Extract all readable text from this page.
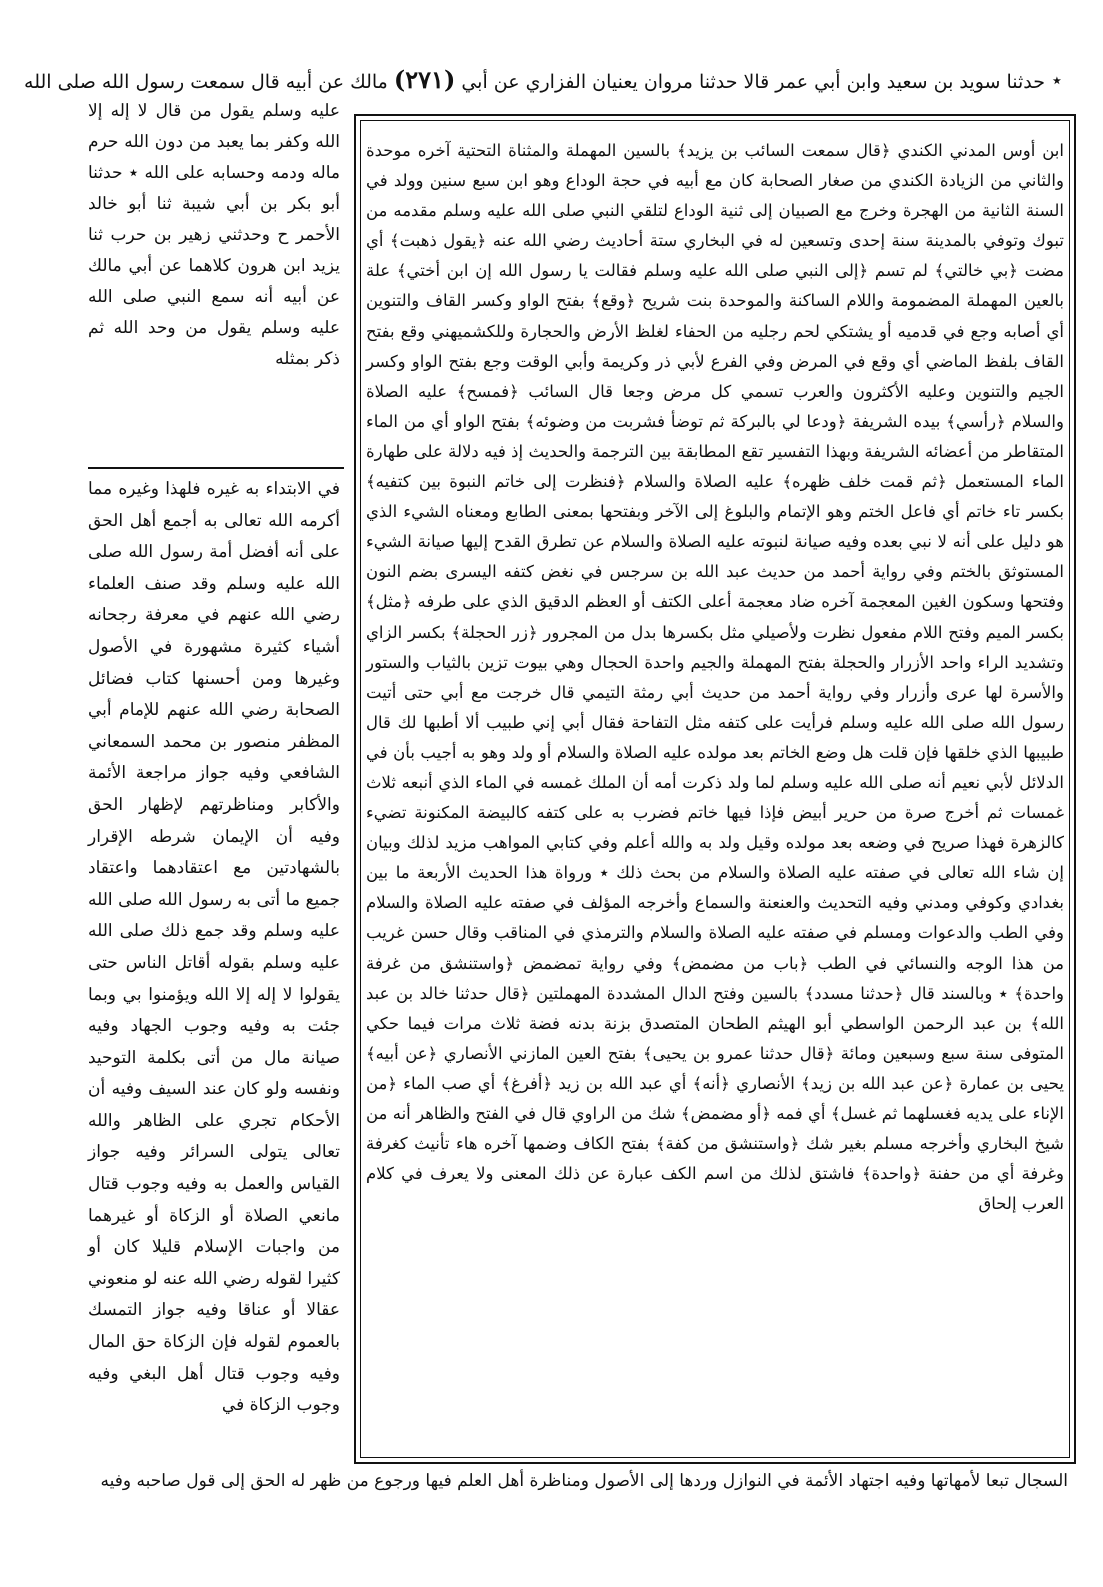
حدثنا سويد بن سعيد وابن أبي عمر قالا حدثنا مروان يعنيان الفزاري عن أبي (٢٧١) مالك عن أبيه قال سمعت رسول الله صلى الله	٭

عليه وسلم يقول من قال لا إله إلا الله وكفر بما يعبد من دون الله حرم ماله ودمه وحسابه على الله ٭ حدثنا أبو بكر بن أبي شيبة ثنا أبو خالد الأحمر ح وحدثني زهير بن حرب ثنا يزيد ابن هرون كلاهما عن أبي مالك عن أبيه أنه سمع النبي صلى الله عليه وسلم يقول من وحد الله ثم ذكر بمثله

في الابتداء به غيره فلهذا وغيره مما أكرمه الله تعالى به أجمع أهل الحق على أنه أفضل أمة رسول الله صلى الله عليه وسلم وقد صنف العلماء رضي الله عنهم في معرفة رجحانه أشياء كثيرة مشهورة في الأصول وغيرها ومن أحسنها كتاب فضائل الصحابة رضي الله عنهم للإمام أبي المظفر منصور بن محمد السمعاني الشافعي وفيه جواز مراجعة الأئمة والأكابر ومناظرتهم لإظهار الحق وفيه أن الإيمان شرطه الإقرار بالشهادتين مع اعتقادهما واعتقاد جميع ما أتى به رسول الله صلى الله عليه وسلم وقد جمع ذلك صلى الله عليه وسلم بقوله أقاتل الناس حتى يقولوا لا إله إلا الله ويؤمنوا بي وبما جئت به وفيه وجوب الجهاد وفيه صيانة مال من أتى بكلمة التوحيد ونفسه ولو كان عند السيف وفيه أن الأحكام تجري على الظاهر والله تعالى يتولى السرائر وفيه جواز القياس والعمل به وفيه وجوب قتال مانعي الصلاة أو الزكاة أو غيرهما من واجبات الإسلام قليلا كان أو كثيرا لقوله رضي الله عنه لو منعوني عقالا أو عناقا وفيه جواز التمسك بالعموم لقوله فإن الزكاة حق المال وفيه وجوب قتال أهل البغي وفيه وجوب الزكاة في

ابن أوس المدني الكندي ﴿قال سمعت السائب بن يزيد﴾ بالسين المهملة والمثناة التحتية آخره موحدة والثاني من الزيادة الكندي من صغار الصحابة كان مع أبيه في حجة الوداع وهو ابن سبع سنين وولد في السنة الثانية من الهجرة وخرج مع الصبيان إلى ثنية الوداع لتلقي النبي صلى الله عليه وسلم مقدمه من تبوك وتوفي بالمدينة سنة إحدى وتسعين له في البخاري ستة أحاديث رضي الله عنه ﴿يقول ذهبت﴾ أي مضت ﴿بي خالتي﴾ لم تسم ﴿إلى النبي صلى الله عليه وسلم فقالت يا رسول الله إن ابن أختي﴾ علة بالعين المهملة المضمومة واللام الساكنة والموحدة بنت شريح ﴿وقع﴾ بفتح الواو وكسر القاف والتنوين أي أصابه وجع في قدميه أو يشتكي لحم رجليه من الحفاء لغلظ الأرض والحجارة وللكشميهني وقع بفتح القاف بلفظ الماضي أي وقع في المرض وفي الفرع لأبي ذر وكريمة وأبي الوقت وجع بفتح الواو وكسر الجيم والتنوين وعليه الأكثرون والعرب تسمي كل مرض وجعا قال السائب ﴿فمسح﴾ عليه الصلاة والسلام ﴿رأسي﴾ بيده الشريفة ﴿ودعا لي بالبركة ثم توضأ فشربت من وضوئه﴾ بفتح الواو أي من الماء المتقاطر من أعضائه الشريفة وبهذا التفسير تقع المطابقة بين الترجمة والحديث إذ فيه دلالة على طهارة الماء المستعمل ﴿ثم قمت خلف ظهره﴾ عليه الصلاة والسلام ﴿فنظرت إلى خاتم النبوة بين كتفيه﴾ بكسر تاء خاتم أي فاعل الختم وهو الإتمام والبلوغ إلى الآخر وبفتحها بمعنى الطابع ومعناه الشيء الذي هو دليل على أنه لا نبي بعده وفيه صيانة لنبوته عليه الصلاة والسلام عن تطرق القدح إليها صيانة الشيء المستوثق بالختم وفي رواية أحمد من حديث عبد الله بن سرجس في نغض كتفه اليسرى بضم النون وفتحها وسكون الغين المعجمة آخره ضاد معجمة أعلى الكتف أو العظم الدقيق الذي على طرفه ﴿مثل﴾ بكسر الميم وفتح اللام مفعول نظرت ولأصيلي مثل بكسرها بدل من المجرور ﴿زر الحجلة﴾ بكسر الزاي وتشديد الراء واحد الأزرار والحجلة بفتح المهملة والجيم واحدة الحجال وهي بيوت تزين بالثياب والستور والأسرة لها عرى وأزرار وفي رواية أحمد من حديث أبي رمثة التيمي قال خرجت مع أبي حتى أتيت رسول الله صلى الله عليه وسلم فرأيت على كتفه مثل التفاحة فقال أبي إني طبيب ألا أطبها لك قال طبيبها الذي خلقها فإن قلت هل وضع الخاتم بعد مولده عليه الصلاة والسلام أو ولد وهو به أجيب بأن في الدلائل لأبي نعيم أنه صلى الله عليه وسلم لما ولد ذكرت أمه أن الملك غمسه في الماء الذي أنبعه ثلاث غمسات ثم أخرج صرة من حرير أبيض فإذا فيها خاتم فضرب به على كتفه كالبيضة المكنونة تضيء كالزهرة فهذا صريح في وضعه بعد مولده وقيل ولد به والله أعلم وفي كتابي المواهب مزيد لذلك وبيان إن شاء الله تعالى في صفته عليه الصلاة والسلام من بحث ذلك ٭ ورواة هذا الحديث الأربعة ما بين بغدادي وكوفي ومدني وفيه التحديث والعنعنة والسماع وأخرجه المؤلف في صفته عليه الصلاة والسلام وفي الطب والدعوات ومسلم في صفته عليه الصلاة والسلام والترمذي في المناقب وقال حسن غريب من هذا الوجه والنسائي في الطب ﴿باب من مضمض﴾ وفي رواية تمضمض ﴿واستنشق من غرفة واحدة﴾ ٭ وبالسند قال ﴿حدثنا مسدد﴾ بالسين وفتح الدال المشددة المهملتين ﴿قال حدثنا خالد بن عبد الله﴾ بن عبد الرحمن الواسطي أبو الهيثم الطحان المتصدق بزنة بدنه فضة ثلاث مرات فيما حكي المتوفى سنة سبع وسبعين ومائة ﴿قال حدثنا عمرو بن يحيى﴾ بفتح العين المازني الأنصاري ﴿عن أبيه﴾ يحيى بن عمارة ﴿عن عبد الله بن زيد﴾ الأنصاري ﴿أنه﴾ أي عبد الله بن زيد ﴿أفرغ﴾ أي صب الماء ﴿من الإناء على يديه فغسلهما ثم غسل﴾ أي فمه ﴿أو مضمض﴾ شك من الراوي قال في الفتح والظاهر أنه من شيخ البخاري وأخرجه مسلم بغير شك ﴿واستنشق من كفة﴾ بفتح الكاف وضمها آخره هاء تأنيث كغرفة وغرفة أي من حفنة ﴿واحدة﴾ فاشتق لذلك من اسم الكف عبارة عن ذلك المعنى ولا يعرف في كلام العرب إلحاق

السجال تبعا لأمهاتها وفيه اجتهاد الأئمة في النوازل وردها إلى الأصول ومناظرة أهل العلم فيها ورجوع من ظهر له الحق إلى قول صاحبه وفيه
